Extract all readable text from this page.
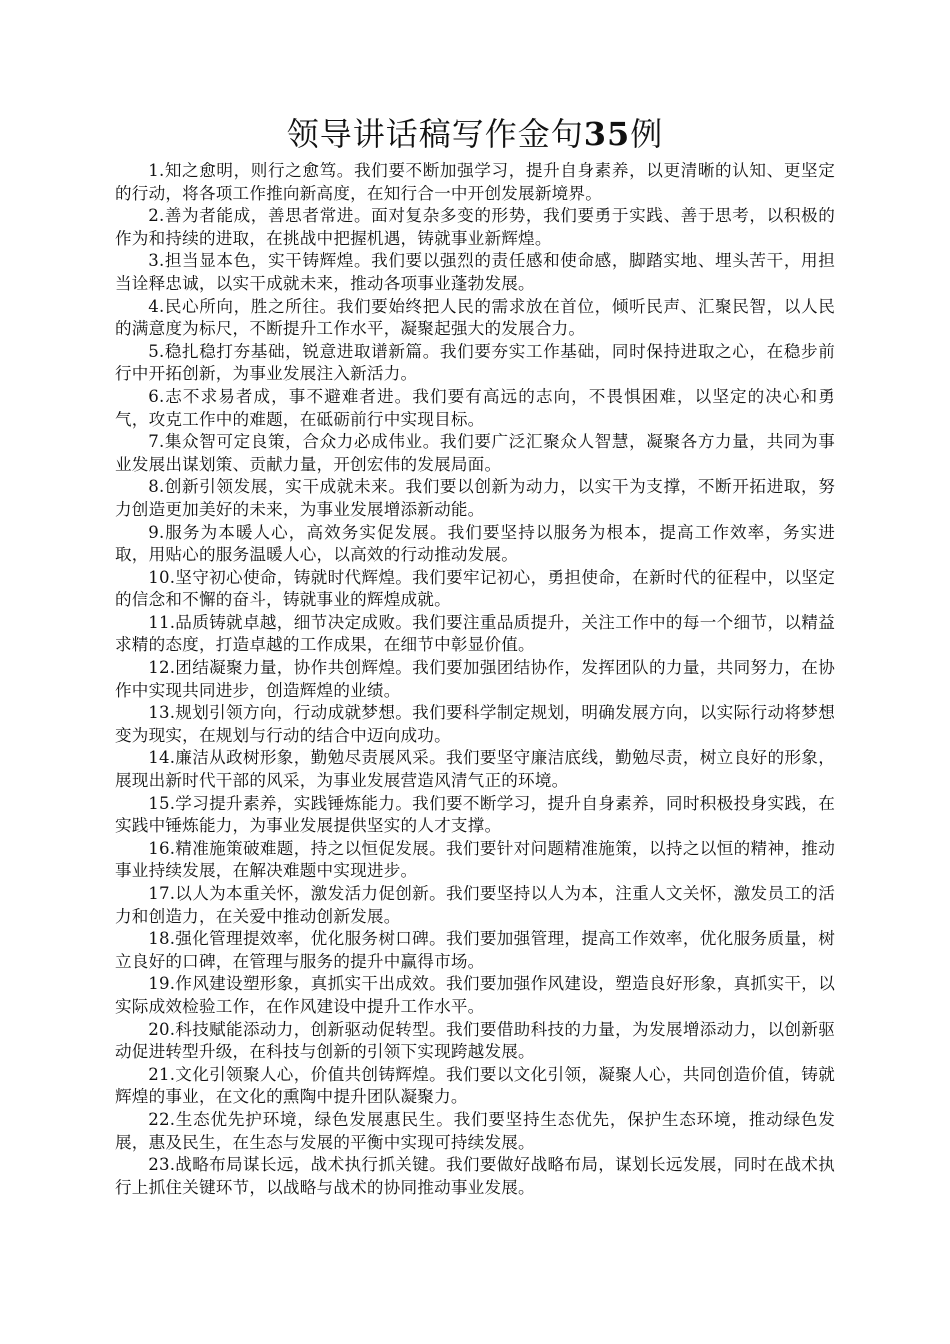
领导讲话稿写作金句35例

1.知之愈明，则行之愈笃。我们要不断加强学习，提升自身素养，以更清晰的认知、更坚定的行动，将各项工作推向新高度，在知行合一中开创发展新境界。

2.善为者能成，善思者常进。面对复杂多变的形势，我们要勇于实践、善于思考，以积极的作为和持续的进取，在挑战中把握机遇，铸就事业新辉煌。

3.担当显本色，实干铸辉煌。我们要以强烈的责任感和使命感，脚踏实地、埋头苦干，用担当诠释忠诚，以实干成就未来，推动各项事业蓬勃发展。

4.民心所向，胜之所往。我们要始终把人民的需求放在首位，倾听民声、汇聚民智，以人民的满意度为标尺，不断提升工作水平，凝聚起强大的发展合力。

5.稳扎稳打夯基础，锐意进取谱新篇。我们要夯实工作基础，同时保持进取之心，在稳步前行中开拓创新，为事业发展注入新活力。

6.志不求易者成，事不避难者进。我们要有高远的志向，不畏惧困难，以坚定的决心和勇气，攻克工作中的难题，在砥砺前行中实现目标。

7.集众智可定良策，合众力必成伟业。我们要广泛汇聚众人智慧，凝聚各方力量，共同为事业发展出谋划策、贡献力量，开创宏伟的发展局面。

8.创新引领发展，实干成就未来。我们要以创新为动力，以实干为支撑，不断开拓进取，努力创造更加美好的未来，为事业发展增添新动能。

9.服务为本暖人心，高效务实促发展。我们要坚持以服务为根本，提高工作效率，务实进取，用贴心的服务温暖人心，以高效的行动推动发展。

10.坚守初心使命，铸就时代辉煌。我们要牢记初心，勇担使命，在新时代的征程中，以坚定的信念和不懈的奋斗，铸就事业的辉煌成就。

11.品质铸就卓越，细节决定成败。我们要注重品质提升，关注工作中的每一个细节，以精益求精的态度，打造卓越的工作成果，在细节中彰显价值。

12.团结凝聚力量，协作共创辉煌。我们要加强团结协作，发挥团队的力量，共同努力，在协作中实现共同进步，创造辉煌的业绩。

13.规划引领方向，行动成就梦想。我们要科学制定规划，明确发展方向，以实际行动将梦想变为现实，在规划与行动的结合中迈向成功。

14.廉洁从政树形象，勤勉尽责展风采。我们要坚守廉洁底线，勤勉尽责，树立良好的形象，展现出新时代干部的风采，为事业发展营造风清气正的环境。

15.学习提升素养，实践锤炼能力。我们要不断学习，提升自身素养，同时积极投身实践，在实践中锤炼能力，为事业发展提供坚实的人才支撑。

16.精准施策破难题，持之以恒促发展。我们要针对问题精准施策，以持之以恒的精神，推动事业持续发展，在解决难题中实现进步。

17.以人为本重关怀，激发活力促创新。我们要坚持以人为本，注重人文关怀，激发员工的活力和创造力，在关爱中推动创新发展。

18.强化管理提效率，优化服务树口碑。我们要加强管理，提高工作效率，优化服务质量，树立良好的口碑，在管理与服务的提升中赢得市场。

19.作风建设塑形象，真抓实干出成效。我们要加强作风建设，塑造良好形象，真抓实干，以实际成效检验工作，在作风建设中提升工作水平。

20.科技赋能添动力，创新驱动促转型。我们要借助科技的力量，为发展增添动力，以创新驱动促进转型升级，在科技与创新的引领下实现跨越发展。

21.文化引领聚人心，价值共创铸辉煌。我们要以文化引领，凝聚人心，共同创造价值，铸就辉煌的事业，在文化的熏陶中提升团队凝聚力。

22.生态优先护环境，绿色发展惠民生。我们要坚持生态优先，保护生态环境，推动绿色发展，惠及民生，在生态与发展的平衡中实现可持续发展。

23.战略布局谋长远，战术执行抓关键。我们要做好战略布局，谋划长远发展，同时在战术执行上抓住关键环节，以战略与战术的协同推动事业发展。
